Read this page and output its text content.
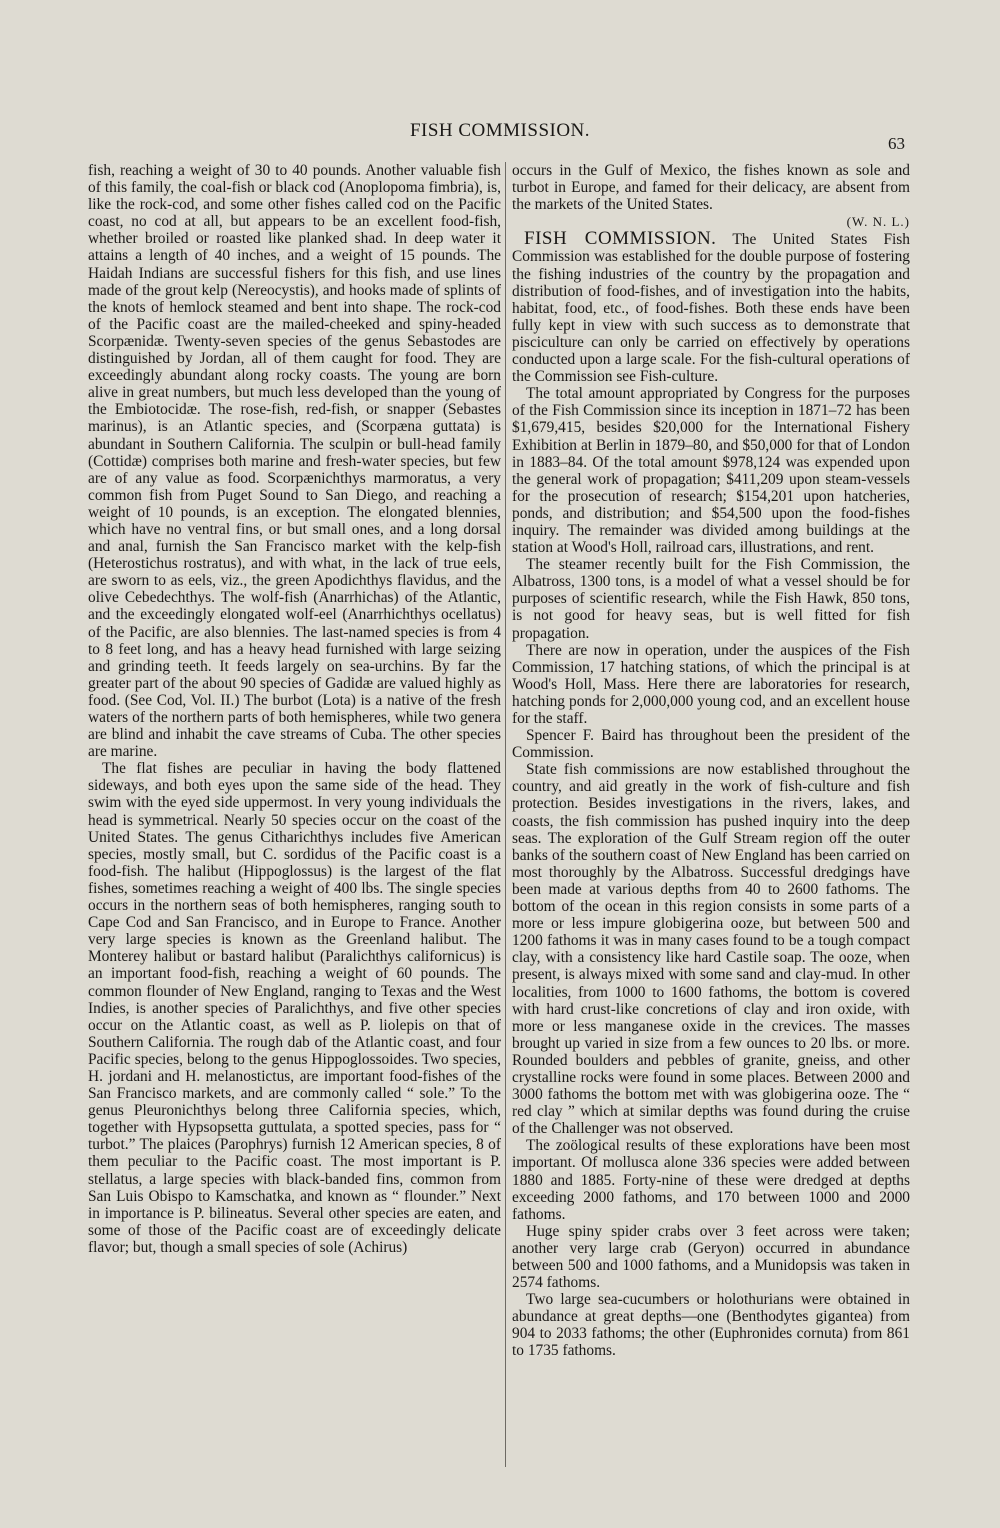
FISH COMMISSION.
63

fish, reaching a weight of 30 to 40 pounds. Another valuable fish of this family, the coal-fish or black cod (Anoplopoma fimbria), is, like the rock-cod, and some other fishes called cod on the Pacific coast, no cod at all, but appears to be an excellent food-fish, whether broiled or roasted like planked shad. In deep water it attains a length of 40 inches, and a weight of 15 pounds. The Haidah Indians are successful fishers for this fish, and use lines made of the grout kelp (Nereocystis), and hooks made of splints of the knots of hemlock steamed and bent into shape. The rock-cod of the Pacific coast are the mailed-cheeked and spiny-headed Scorpænidæ. Twenty-seven species of the genus Sebastodes are distinguished by Jordan, all of them caught for food. They are exceedingly abundant along rocky coasts. The young are born alive in great numbers, but much less developed than the young of the Embiotocidæ. The rose-fish, red-fish, or snapper (Sebastes marinus), is an Atlantic species, and (Scorpæna guttata) is abundant in Southern California. The sculpin or bull-head family (Cottidæ) comprises both marine and fresh-water species, but few are of any value as food. Scorpænichthys marmoratus, a very common fish from Puget Sound to San Diego, and reaching a weight of 10 pounds, is an exception. The elongated blennies, which have no ventral fins, or but small ones, and a long dorsal and anal, furnish the San Francisco market with the kelp-fish (Heterostichus rostratus), and with what, in the lack of true eels, are sworn to as eels, viz., the green Apodichthys flavidus, and the olive Cebedechthys. The wolf-fish (Anarrhichas) of the Atlantic, and the exceedingly elongated wolf-eel (Anarrhichthys ocellatus) of the Pacific, are also blennies. The last-named species is from 4 to 8 feet long, and has a heavy head furnished with large seizing and grinding teeth. It feeds largely on sea-urchins. By far the greater part of the about 90 species of Gadidæ are valued highly as food. (See Cod, Vol. II.) The burbot (Lota) is a native of the fresh waters of the northern parts of both hemispheres, while two genera are blind and inhabit the cave streams of Cuba. The other species are marine.

The flat fishes are peculiar in having the body flattened sideways, and both eyes upon the same side of the head. They swim with the eyed side uppermost. In very young individuals the head is symmetrical. Nearly 50 species occur on the coast of the United States. The genus Citharichthys includes five American species, mostly small, but C. sordidus of the Pacific coast is a food-fish. The halibut (Hippoglossus) is the largest of the flat fishes, sometimes reaching a weight of 400 lbs. The single species occurs in the northern seas of both hemispheres, ranging south to Cape Cod and San Francisco, and in Europe to France. Another very large species is known as the Greenland halibut. The Monterey halibut or bastard halibut (Paralichthys californicus) is an important food-fish, reaching a weight of 60 pounds. The common flounder of New England, ranging to Texas and the West Indies, is another species of Paralichthys, and five other species occur on the Atlantic coast, as well as P. liolepis on that of Southern California. The rough dab of the Atlantic coast, and four Pacific species, belong to the genus Hippoglossoides. Two species, H. jordani and H. melanostictus, are important food-fishes of the San Francisco markets, and are commonly called “ sole.” To the genus Pleuronichthys belong three California species, which, together with Hypsopsetta guttulata, a spotted species, pass for “ turbot.” The plaices (Parophrys) furnish 12 American species, 8 of them peculiar to the Pacific coast. The most important is P. stellatus, a large species with black-banded fins, common from San Luis Obispo to Kamschatka, and known as “ flounder.” Next in importance is P. bilineatus. Several other species are eaten, and some of those of the Pacific coast are of exceedingly delicate flavor; but, though a small species of sole (Achirus)

occurs in the Gulf of Mexico, the fishes known as sole and turbot in Europe, and famed for their delicacy, are absent from the markets of the United States.

(W. N. L.)

FISH COMMISSION. The United States Fish Commission was established for the double purpose of fostering the fishing industries of the country by the propagation and distribution of food-fishes, and of investigation into the habits, habitat, food, etc., of food-fishes. Both these ends have been fully kept in view with such success as to demonstrate that pisciculture can only be carried on effectively by operations conducted upon a large scale. For the fish-cultural operations of the Commission see Fish-culture.

The total amount appropriated by Congress for the purposes of the Fish Commission since its inception in 1871–72 has been $1,679,415, besides $20,000 for the International Fishery Exhibition at Berlin in 1879–80, and $50,000 for that of London in 1883–84. Of the total amount $978,124 was expended upon the general work of propagation; $411,209 upon steam-vessels for the prosecution of research; $154,201 upon hatcheries, ponds, and distribution; and $54,500 upon the food-fishes inquiry. The remainder was divided among buildings at the station at Wood's Holl, railroad cars, illustrations, and rent.

The steamer recently built for the Fish Commission, the Albatross, 1300 tons, is a model of what a vessel should be for purposes of scientific research, while the Fish Hawk, 850 tons, is not good for heavy seas, but is well fitted for fish propagation.

There are now in operation, under the auspices of the Fish Commission, 17 hatching stations, of which the principal is at Wood's Holl, Mass. Here there are laboratories for research, hatching ponds for 2,000,000 young cod, and an excellent house for the staff.

Spencer F. Baird has throughout been the president of the Commission.

State fish commissions are now established throughout the country, and aid greatly in the work of fish-culture and fish protection. Besides investigations in the rivers, lakes, and coasts, the fish commission has pushed inquiry into the deep seas. The exploration of the Gulf Stream region off the outer banks of the southern coast of New England has been carried on most thoroughly by the Albatross. Successful dredgings have been made at various depths from 40 to 2600 fathoms. The bottom of the ocean in this region consists in some parts of a more or less impure globigerina ooze, but between 500 and 1200 fathoms it was in many cases found to be a tough compact clay, with a consistency like hard Castile soap. The ooze, when present, is always mixed with some sand and clay-mud. In other localities, from 1000 to 1600 fathoms, the bottom is covered with hard crust-like concretions of clay and iron oxide, with more or less manganese oxide in the crevices. The masses brought up varied in size from a few ounces to 20 lbs. or more. Rounded boulders and pebbles of granite, gneiss, and other crystalline rocks were found in some places. Between 2000 and 3000 fathoms the bottom met with was globigerina ooze. The “ red clay ” which at similar depths was found during the cruise of the Challenger was not observed.

The zoölogical results of these explorations have been most important. Of mollusca alone 336 species were added between 1880 and 1885. Forty-nine of these were dredged at depths exceeding 2000 fathoms, and 170 between 1000 and 2000 fathoms.

Huge spiny spider crabs over 3 feet across were taken; another very large crab (Geryon) occurred in abundance between 500 and 1000 fathoms, and a Munidopsis was taken in 2574 fathoms.

Two large sea-cucumbers or holothurians were obtained in abundance at great depths—one (Benthodytes gigantea) from 904 to 2033 fathoms; the other (Euphronides cornuta) from 861 to 1735 fathoms.
